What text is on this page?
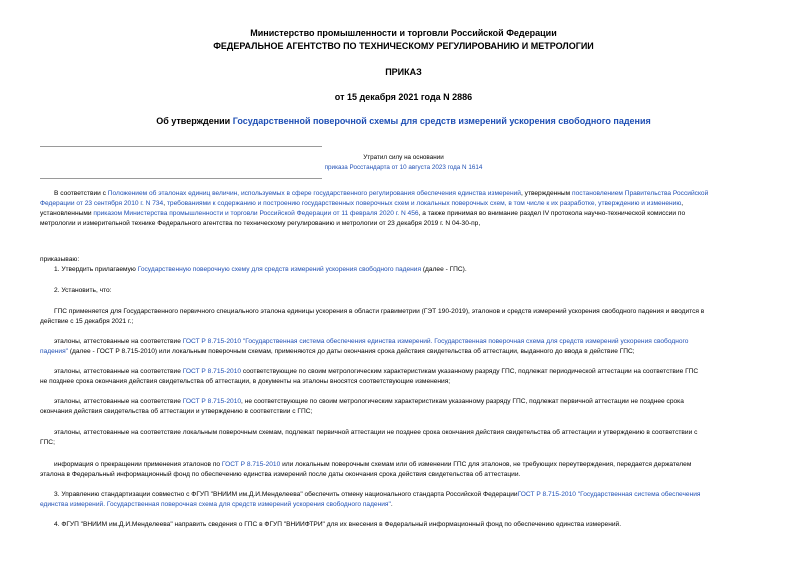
Министерство промышленности и торговли Российской Федерации
ФЕДЕРАЛЬНОЕ АГЕНТСТВО ПО ТЕХНИЧЕСКОМУ РЕГУЛИРОВАНИЮ И МЕТРОЛОГИИ
ПРИКАЗ
от 15 декабря 2021 года N 2886
Об утверждении Государственной поверочной схемы для средств измерений ускорения свободного падения
Утратил силу на основании
приказа Росстандарта от 10 августа 2023 года N 1614
В соответствии с Положением об эталонах единиц величин, используемых в сфере государственного регулирования обеспечения единства измерений, утвержденным постановлением Правительства Российской
Федерации от 23 сентября 2010 г. N 734, требованиями к содержанию и построению государственных поверочных схем и локальных поверочных схем, в том числе к их разработке, утверждению и изменению,
установленными приказом Министерства промышленности и торговли Российской Федерации от 11 февраля 2020 г. N 456, а также принимая во внимание раздел IV протокола научно-технической комиссии по
метрологии и измерительной технике Федерального агентства по техническому регулированию и метрологии от 23 декабря 2019 г. N 04-30-пр,
приказываю:
1. Утвердить прилагаемую Государственную поверочную схему для средств измерений ускорения свободного падения (далее - ГПС).
2. Установить, что:
ГПС применяется для Государственного первичного специального эталона единицы ускорения в области гравиметрии (ГЭТ 190-2019), эталонов и средств измерений ускорения свободного падения и вводится в
действие с 15 декабря 2021 г.;
эталоны, аттестованные на соответствие ГОСТ Р 8.715-2010 "Государственная система обеспечения единства измерений. Государственная поверочная схема для средств измерений ускорения свободного
падения" (далее - ГОСТ Р 8.715-2010) или локальным поверочным схемам, применяются до даты окончания срока действия свидетельства об аттестации, выданного до ввода в действие ГПС;
эталоны, аттестованные на соответствие ГОСТ Р 8.715-2010 соответствующие по своим метрологическим характеристикам указанному разряду ГПС, подлежат периодической аттестации на соответствие ГПС
не позднее срока окончания действия свидетельства об аттестации, в документы на эталоны вносятся соответствующие изменения;
эталоны, аттестованные на соответствие ГОСТ Р 8.715-2010, не соответствующие по своим метрологическим характеристикам указанному разряду ГПС, подлежат первичной аттестации не позднее срока
окончания действия свидетельства об аттестации и утверждению в соответствии с ГПС;
эталоны, аттестованные на соответствие локальным поверочным схемам, подлежат первичной аттестации не позднее срока окончания действия свидетельства об аттестации и утверждению в соответствии с
ГПС;
информация о прекращении применения эталонов по ГОСТ Р 8.715-2010 или локальным поверочным схемам или об изменении ГПС для эталонов, не требующих переутверждения, передается держателем
эталона в Федеральный информационный фонд по обеспечению единства измерений после даты окончания срока действия свидетельства об аттестации.
3. Управлению стандартизации совместно с ФГУП "ВНИИМ им.Д.И.Менделеева" обеспечить отмену национального стандарта Российской ФедерацииГОСТ Р 8.715-2010 "Государственная система обеспечения
единства измерений. Государственная поверочная схема для средств измерений ускорения свободного падения".
4. ФГУП "ВНИИМ им.Д.И.Менделеева" направить сведения о ГПС в ФГУП "ВНИИФТРИ" для их внесения в Федеральный информационный фонд по обеспечению единства измерений.
